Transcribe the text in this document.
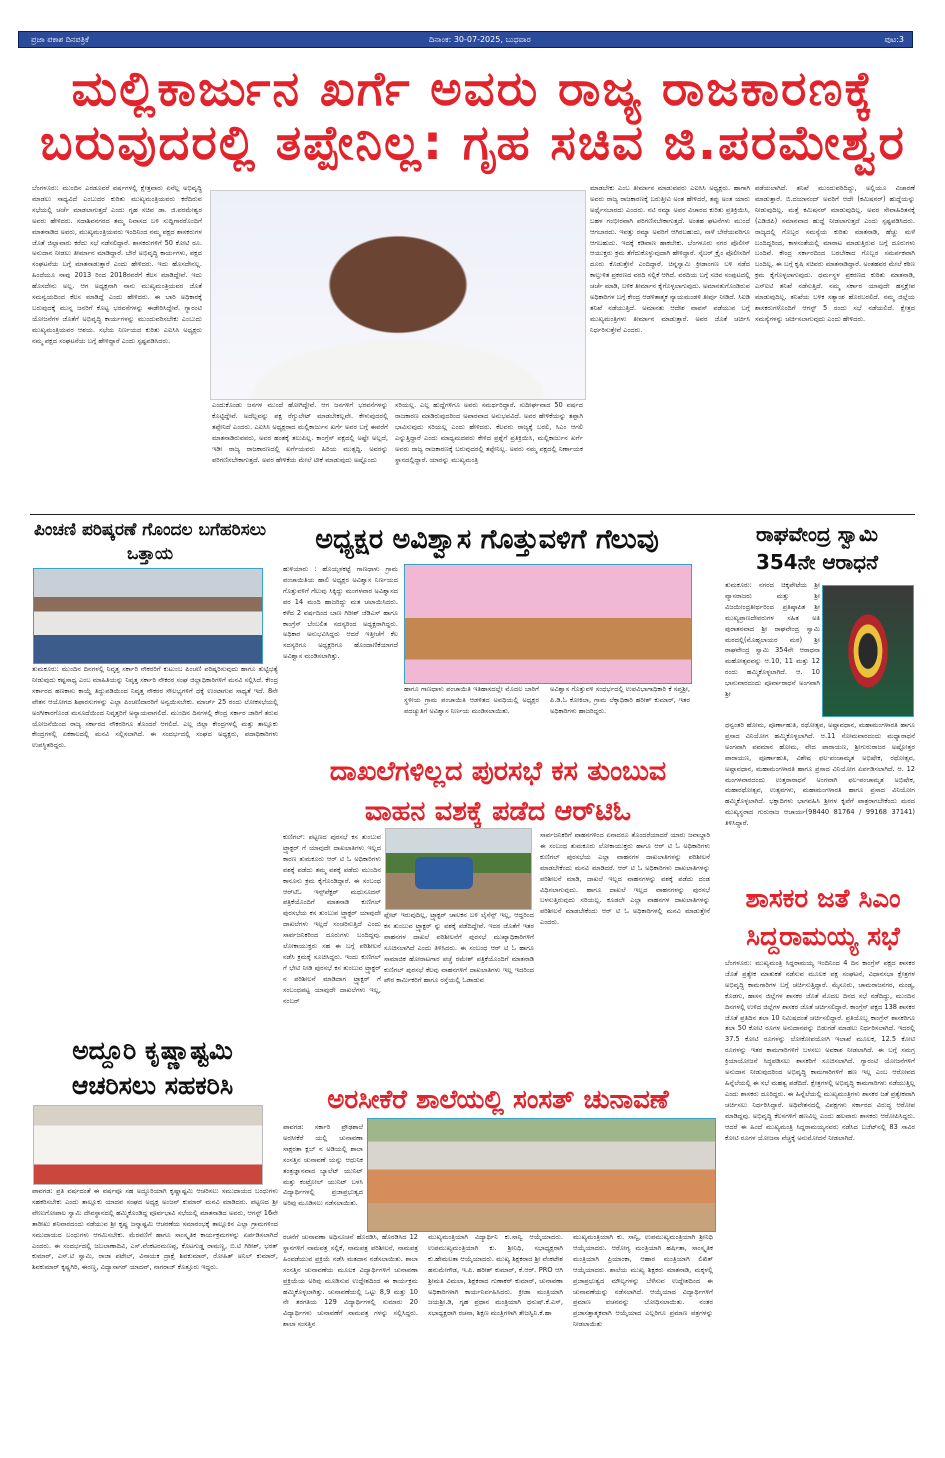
ಪ್ರಜಾ ಪಕಾಶ ದಿನಪತ್ರಿಕೆ	ದಿನಾಂಕ: 30-07-2025, ಬುಧವಾರ	ಪುಟ:3
ಮಲ್ಲಿಕಾರ್ಜುನ ಖರ್ಗೆ ಅವರು ರಾಜ್ಯ ರಾಜಕಾರಣಕ್ಕೆ
ಬರುವುದರಲ್ಲಿ ತಪ್ಪೇನಿಲ್ಲ: ಗೃಹ ಸಚಿವ ಜಿ.ಪರಮೇಶ್ವರ
ಬೆಂಗಳೂರು: ಮುಂದಿನ ಎರಡೂವರೆ ವರ್ಷಗಳಲ್ಲಿ ಕ್ಷೇತ್ರವಾರು ಏನೆಲ್ಲ ಅಭಿವೃದ್ಧಿ ಮಾಡಲು ಸಾಧ್ಯವಿದೆ ಎಂಬುದರ ಕುರಿತು ಮುಖ್ಯಮಂತ್ರಿಯವರು ಕರೆದಿರುವ ಸಭೆಯಲ್ಲಿ ಚರ್ಚೆ ಮಾಡಲಾಗುತ್ತದೆ ಎಂದು ಗೃಹ ಸಚಿವ ಡಾ. ಜಿ.ಪರಮೇಶ್ವರ ಅವರು ಹೇಳಿದರು. ಸದಾಶಿವನಗರದ ತಮ್ಮ ನಿವಾಸದ ಬಳಿ ಸುದ್ದಿಗಾರರೊಂದಿಗೆ ಮಾತನಾಡಿದ ಅವರು, ಮುಖ್ಯಮಂತ್ರಿಯವರು ಇಂದಿನಿಂದ ನಮ್ಮ ಪಕ್ಷದ ಶಾಸಕರುಗಳ ಜೊತೆ ಜಿಲ್ಲಾವಾರು ಕರೆದು ಸಭೆ ನಡೆಸಲಿದ್ದಾರೆ. ಶಾಸಕರುಗಳಿಗೆ 50 ಕೋಟಿ ರೂ. ಅನುದಾನ ನೀಡಲು ತೀರ್ಮಾನ ಮಾಡಿದ್ದಾರೆ. ಬೇರೆ ಅಭಿವೃದ್ಧಿ ಕಾರ್ಯಗಳು, ಪಕ್ಷದ ಸಂಘಟನೆಯ ಬಗ್ಗೆ ಮಾತನಾಡುತ್ತಾರೆ ಎಂದು ಹೇಳಿದರು. ಇದು ಹೊಸದೇನಲ್ಲ. ಹಿಂದೆಯೂ ನಾವು 2013 ರಿಂದ 2018ರವರೆಗೆ ಕೆಲಸ ಮಾಡಿದ್ದೇವೆ. ಇದು ಹೊಸದೇನು ಅಲ್ಲ. ಆಗ ಅಧ್ಯಕ್ಷನಾಗಿ ನಾನು ಮುಖ್ಯಮಂತ್ರಿಯವರ ಜೊತೆ ಸಮನ್ವಯದಿಂದ ಕೆಲಸ ಮಾಡಿದ್ದೆ ಎಂದು ಹೇಳಿದರು. ಈ ಬಾರಿ ಅಧಿಕಾರಕ್ಕೆ ಬರುವುದಕ್ಕೆ ಮುನ್ನ ಜನರಿಗೆ ಕೊಟ್ಟ ಭರವಸೆಗಳನ್ನು ಈಡೇರಿಸಿದ್ದೇವೆ. ಗ್ಯಾರಂಟಿ ಯೋಜನೆಗಳ ಜೊತೆಗೆ ಅಭಿವೃದ್ಧಿ ಕಾರ್ಯಗಳನ್ನು ಮುಂದುವರಿಸಬೇಕು ಎಂಬುದು ಮುಖ್ಯಮಂತ್ರಿಯವರ ಆಶಯ. ಸಭೆಯ ನಿರ್ಣಯದ ಕುರಿತು ಎಐಸಿಸಿ ಅಧ್ಯಕ್ಷರು ನಮ್ಮ ಪಕ್ಷದ ಸಂಘಟನೆಯ ಬಗ್ಗೆ ಹೇಳಿದ್ದಾರೆ ಎಂದು ಸ್ಪಷ್ಟಪಡಿಸಿದರು.
ಎಂದುಕೊಂಡು ಜನಗಳ ಮುಂದೆ ಹೋಗಿದ್ದೇವೆ. ಆಗ ಜನಗಳಿಗೆ ಭರವಸೆಗಳನ್ನು ಕೊಟ್ಟಿದ್ದೇವೆ. ಅದೆಲ್ಲವನ್ನು ಪಕ್ಷ ರೆಗ್ಯುಲೇಟ್ ಮಾಡಬೇಕಲ್ಲವೇ. ಕೇಳುವುದರಲ್ಲಿ ತಪ್ಪೇನಿದೆ ಎಂದರು. ಎಐಸಿಸಿ ಅಧ್ಯಕ್ಷರಾದ ಮಲ್ಲಿಕಾರ್ಜುನ ಖರ್ಗೆ ಅವರ ಬಗ್ಗೆ ಈವರೆಗೆ ಮಾತನಾಡಿರುವವರು, ಅವರ ಹಂತಕ್ಕೆ ತಲುಪಿಲ್ಲ. ಕಾಂಗ್ರೆಸ್ ಪಕ್ಷದಲ್ಲಿ ಅಷ್ಟೇ ಅಲ್ಲದೆ, ಇಡೀ ರಾಜ್ಯ ರಾಜಕಾರಣದಲ್ಲಿ ಖರ್ಗೆಯವರು ಹಿರಿಯ ಮುತ್ಸದ್ದಿ. ಅವರನ್ನು ಪರಿಗಣಿಸಬೇಕಾಗುತ್ತದೆ. ಅವರ ಹೇಳಿಕೆಯ ಮೇಲೆ ಟೀಕೆ ಮಾಡುವುದು ಅಷ್ಟೊಂದು
ಸರಿಯಲ್ಲ. ಎಲ್ಲ ಹುದ್ದೆಗಳಿಗೂ ಅವರು ಸಮರ್ಥರಿದ್ದಾರೆ. ಸುದೀರ್ಘವಾದ 50 ವರ್ಷದ ರಾಜಕಾರಣ ಮಾಡಿರುವುದರಿಂದ ಅಪಾರವಾದ ಅನುಭವವಿದೆ. ಅವರ ಹೇಳಿಕೆಯನ್ನು ತಪ್ಪಾಗಿ ಭಾವಿಸುವುದು ಸರಿಯಲ್ಲ ಎಂದು ಹೇಳಿದರು. ಕೆಲವರು ರಾಜ್ಯಕ್ಕೆ ಬರಲಿ, ಸಿಎಂ ಆಗಲಿ ಎನ್ನುತ್ತಿದ್ದಾರೆ ಎಂದು ಮಾಧ್ಯಮದವರು ಕೇಳಿದ ಪ್ರಶ್ನೆಗೆ ಪ್ರತಿಕ್ರಿಯಿಸಿ, ಮಲ್ಲಿಕಾರ್ಜುನ ಖರ್ಗೆ ಅವರು ರಾಜ್ಯ ರಾಜಕಾರಣಕ್ಕೆ ಬರುವುದರಲ್ಲಿ ತಪ್ಪೇನಿಲ್ಲ. ಅವರು ನಮ್ಮ ಪಕ್ಷದಲ್ಲಿ ನಿರ್ಣಾಯಕ ಸ್ಥಾನದಲ್ಲಿದ್ದಾರೆ. ಯಾರನ್ನು ಮುಖ್ಯಮಂತ್ರಿ
ಮಾಡಬೇಕು ಎಂಬ ತೀರ್ಮಾನ ಮಾಡುವವರು ಎಐಸಿಸಿ ಅಧ್ಯಕ್ಷರು. ಹಾಗಾಗಿ ಅವರು ರಾಜ್ಯ ರಾಜಕಾರಣಕ್ಕೆ ಬರುತ್ತೀವಿ ಅಂತ ಹೇಳಿದರೆ, ತಪ್ಪು ಅಂತ ಯಾರು ಅರ್ಥೈಸಬಾರದು ಎಂದರು. ನಟಿ ರಮ್ಯಾ ಅವರ ವಿಚಾರದ ಕುರಿತು ಪ್ರತಿಕ್ರಿಯಿಸಿ, ಬಹಳ ಗಂಭೀರವಾಗಿ ಪರಿಗಣಿಸಬೇಕಾಗುತ್ತದೆ. ಅಂತಹ ಘಟನೆಗಳು ಮುಂದೆ ಆಗಬಾರದು. ಇವತ್ತು ರಮ್ಯಾ ಅವರಿಗೆ ಆಗಿರಬಹುದು, ನಾಳೆ ಬೇರೆಯವರಿಗೂ ಆಗಬಹುದು. ಇದಕ್ಕೆ ಕಡಿವಾಣ ಹಾಕಬೇಕು. ಬೆಂಗಳೂರು ನಗರ ಪೊಲೀಸ್ ಆಯುಕ್ತರು ಕ್ರಮ ತೆಗೆದುಕೊಳ್ಳುವುದಾಗಿ ಹೇಳಿದ್ದಾರೆ. ಸೈಬರ್ ಕ್ರೈಂ ಪೊಲೀಸರಿಗೆ ದೂರು ಕೊಡುತ್ತೇನೆ ಎಂದಿದ್ದಾರೆ. ಚಿನ್ನಸ್ವಾಮಿ ಕ್ರೀಡಾಂಗಣ ಬಳಿ ನಡೆದ ಕಾಲ್ತುಳಿತ ಪ್ರಕರಣದ ವರದಿ ಸಲ್ಲಿಕೆ ಆಗಿದೆ. ವರದಿಯ ಬಗ್ಗೆ ಸಚಿವ ಸಂಪುಟದಲ್ಲಿ ಚರ್ಚೆ ಮಾಡಿ, ಬಳಿಕ ತೀರ್ಮಾನ ಕೈಗೊಳ್ಳಲಾಗುವುದು. ಅಮಾನತುಗೊಂಡಿರುವ ಅಧಿಕಾರಿಗಳ ಬಗ್ಗೆ ಕೇಂದ್ರ ಆಡಳಿತಾತ್ಮಕ ನ್ಯಾಯಮಂಡಳಿ ತೀರ್ಪು ನೀಡಿದೆ. ಸಿಐಡಿ ತನಿಖೆ ನಡೆಯುತ್ತಿದೆ. ಅಮಾನತು ಆದೇಶ ವಾಪಸ್ ಪಡೆಯುವ ಬಗ್ಗೆ ಮುಖ್ಯಮಂತ್ರಿಗಳು ತೀರ್ಮಾನ ಮಾಡುತ್ತಾರೆ. ಅವರ ಜೊತೆ ಚರ್ಚಿಸಿ ನಿರ್ಧರಿಸುತ್ತೇವೆ ಎಂದರು.
ಪಡೆಯಲಾಗಿದೆ. ತನಿಖೆ ಮುಂದುವರಿದಿದ್ದು, ಅಲ್ಲಿಯೂ ವಿಚಾರಣೆ ಮಾಡುತ್ತಾರೆ. ಬಿ.ದಯಾನಂದ್ ಅವರಿಗೆ ಆದೇ (ಕಮಿಷನರ್) ಹುದ್ದೆಯನ್ನು ನೀಡುವುದಿಲ್ಲ. ಮತ್ತೆ ಕಮಿಷನರ್ ಮಾಡುವುದಿಲ್ಲ. ಅವರ ಸೇವಾಹಿರಿತನಕ್ಕೆ (ಎಡಿಜಿಪಿ) ಸಮಾನವಾದ ಹುದ್ದೆ ನೀಡಲಾಗುತ್ತದೆ ಎಂದು ಸ್ಪಷ್ಟಪಡಿಸಿದರು. ರಾಜ್ಯದಲ್ಲಿ ಗೊಬ್ಬರ ಸಮಸ್ಯೆಯ ಕುರಿತು ಮಾತನಾಡಿ, ಹೆಚ್ಚು ಮಳೆ ಬಂದಿದ್ದರಿಂದ, ಕಾಳಸಂತೆಯಲ್ಲಿ ಮಾರಾಟ ಮಾಡುತ್ತಿರುವ ಬಗ್ಗೆ ದೂರುಗಳು ಬಂದಿವೆ. ಕೇಂದ್ರ ಸರ್ಕಾರದಿಂದ ಬರಬೇಕಾದ ಗೊಬ್ಬರ ಸಮರ್ಪಕವಾಗಿ ಬಂದಿಲ್ಲ. ಈ ಬಗ್ಗೆ ಕೃಷಿ ಸಚಿವರು ಮಾತನಾಡಿದ್ದಾರೆ. ಅಂತಹವರ ಮೇಲೆ ಕಠಿಣ ಕ್ರಮ ಕೈಗೊಳ್ಳಲಾಗುವುದು. ಧರ್ಮಸ್ಥಳ ಪ್ರಕರಣದ ಕುರಿತು ಮಾತನಾಡಿ, ಎಸ್ಐಟಿ ತನಿಖೆ ನಡೆಸುತ್ತಿದೆ. ನಮ್ಮ ಸರ್ಕಾರ ಯಾವುದೇ ಹಸ್ತಕ್ಷೇಪ ಮಾಡುವುದಿಲ್ಲ. ತನಿಖೆಯ ಬಳಿಕ ಸತ್ಯಾಂಶ ಹೊರಬರಲಿದೆ. ನಮ್ಮ ಜಿಲ್ಲೆಯ ಶಾಸಕರುಗಳೊಂದಿಗೆ ಆಗಸ್ಟ್ 5 ರಂದು ಸಭೆ ನಡೆಯಲಿದೆ. ಕ್ಷೇತ್ರದ ಸಮಸ್ಯೆಗಳನ್ನು ಚರ್ಚಿಸಲಾಗುವುದು ಎಂದು ಹೇಳಿದರು.
ಪಿಂಚಣಿ ಪರಿಷ್ಕರಣೆ ಗೊಂದಲ ಬಗೆಹರಿಸಲು ಒತ್ತಾಯ
ತುಮಕೂರು: ಮುಂದಿನ ದಿನಗಳಲ್ಲಿ ನಿವೃತ್ತ ಸರ್ಕಾರಿ ನೌಕರರಿಗೆ ಕುಟುಂಬ ಪಿಂಚಣಿ ಪರಿಷ್ಕರಿಸುವುದು ಹಾಗೂ ತುಟ್ಟಿಭತ್ಯೆ ನೀಡುವುದು ಕಷ್ಟಸಾಧ್ಯ ಎಂಬ ಮಾಹಿತಿಯನ್ನು ನಿವೃತ್ತ ಸರ್ಕಾರಿ ನೌಕರರ ಸಂಘ ಜಿಲ್ಲಾಧಿಕಾರಿಗಳಿಗೆ ಮನವಿ ಸಲ್ಲಿಸಿದೆ. ಕೇಂದ್ರ ಸರ್ಕಾರದ ಹಣಕಾಸು ಕಾಯ್ದೆ ತಿದ್ದುಪಡಿಯಿಂದ ನಿವೃತ್ತ ನೌಕರರ ಸೌಲಭ್ಯಗಳಿಗೆ ಧಕ್ಕೆ ಉಂಟಾಗುವ ಸಾಧ್ಯತೆ ಇದೆ. 8ನೇ ವೇತನ ಆಯೋಗದ ಶಿಫಾರಸುಗಳನ್ನು ಎಲ್ಲಾ ಪಿಂಚಣಿದಾರರಿಗೆ ಅನ್ವಯಿಸಬೇಕು. ಮಾರ್ಚ್ 25 ರಂದು ಲೋಕಸಭೆಯಲ್ಲಿ ಅಂಗೀಕಾರಗೊಂಡ ಮಸೂದೆಯಿಂದ ನಿವೃತ್ತರಿಗೆ ಅನ್ಯಾಯವಾಗಲಿದೆ. ಮುಂದಿನ ದಿನಗಳಲ್ಲಿ ಕೇಂದ್ರ ಸರ್ಕಾರ ಜಾರಿಗೆ ತರುವ ಯೋಜನೆಯಿಂದ ರಾಜ್ಯ ಸರ್ಕಾರದ ನೌಕರರಿಗೂ ತೊಂದರೆ ಆಗಲಿದೆ. ಎಲ್ಲ ಜಿಲ್ಲಾ ಕೇಂದ್ರಗಳಲ್ಲಿ ಮತ್ತು ತಾಲ್ಲೂಕು ಕೇಂದ್ರಗಳಲ್ಲಿ ಏಕಕಾಲದಲ್ಲಿ ಮನವಿ ಸಲ್ಲಿಸಲಾಗಿದೆ. ಈ ಸಂದರ್ಭದಲ್ಲಿ ಸಂಘದ ಅಧ್ಯಕ್ಷರು, ಪದಾಧಿಕಾರಿಗಳು ಉಪಸ್ಥಿತರಿದ್ದರು.
ಅಧ್ಯಕ್ಷರ ಅವಿಶ್ವಾಸ ಗೊತ್ತುವಳಿಗೆ ಗೆಲುವು
ಹುಳಿಯಾರು : ಹೊಯ್ಸಳಕಟ್ಟೆ ಗಾಣಧಾಳು ಗ್ರಾಮ ಪಂಚಾಯಿತಿಯ ಹಾಲಿ ಅಧ್ಯಕ್ಷರ ಅವಿಶ್ವಾಸ ನಿರ್ಣಯದ ಗೊತ್ತುವಳಿಗೆ ಗೆಲುವು ಸಿಕ್ಕಿದ್ದು ಮಂಗಳವಾರ ಅವಿಶ್ವಾಸದ ಪರ 14 ಮಂದಿ ಹಾಜರಿದ್ದು ಮತ ಚಲಾಯಿಸಿದರು. ಕಳೆದ 2 ವರ್ಷದಿಂದ ಬಾಣ ಗಿರೀಶ್ ಜೆಡಿಎಸ್ ಹಾಗೂ ಕಾಂಗ್ರೆಸ್ ಬೆಂಬಲಿತ ಸದಸ್ಯರಿಂದ ಅಧ್ಯಕ್ಷರಾಗಿದ್ದರು. ಅಧಿಕಾರ ಅನುಭವಿಸಿದ್ದರು ಆದರೆ ಇತ್ತೀಚೆಗೆ ಕೆಲ ಸದಸ್ಯರಿಗೂ ಅಧ್ಯಕ್ಷರಿಗೂ ಹೊಂದಾಣಿಕೆಯಾಗದೆ ಅವಿಶ್ವಾಸ ಮಂಡಿಸಲಾಗಿತ್ತು.
ಹಾಗೂ ಗಾಣಧಾಳು ಪಂಚಾಯಿತಿ ಇತಿಹಾಸದಲ್ಲೇ ಮೊದಲ ಬಾರಿಗೆ ಸ್ಥಳೀಯ ಗ್ರಾಮ ಪಂಚಾಯಿತಿ ಆಡಳಿತದ ಅವಧಿಯಲ್ಲಿ ಅಧ್ಯಕ್ಷರ ಪದಚ್ಯುತಿಗೆ ಅವಿಶ್ವಾಸ ನಿರ್ಣಯ ಮಂಡಿಸಲಾಯಿತು.
ಅವಿಶ್ವಾಸ ಗೊತ್ತುವಳಿ ಸಂಧರ್ಭದಲ್ಲಿ ಉಪವಿಭಾಗಾಧಿಕಾರಿ ಕೆ ಸಪ್ತಶ್ರೀ, ಪಿ.ಡಿ.ಓ ಕೋಕಿಲಾ, ಗ್ರಾಮ ಲೆಕ್ಕಾಧಿಕಾರಿ ಹರೀಶ್ ಕುಮಾರ್, ಇತರ ಅಧಿಕಾರಿಗಳು ಹಾಜರಿದ್ದರು.
ರಾಘವೇಂದ್ರ ಸ್ವಾಮಿ
354ನೇ ಆರಾಧನೆ
ತುಮಕೂರು: ನಗರದ ಚಿಕ್ಕಪೇಟೆಯ ಶ್ರೀ ವ್ಯಾಸರಾಜರು ಮತ್ತು ಶ್ರೀ ವಿಜಯೀಂದ್ರತೀರ್ಥರಿಂದ ಪ್ರತಿಷ್ಠಾಪಿತ ಶ್ರೀ ಮುಖ್ಯಪ್ರಾಣದೇವರುಗಳ ಸಹಿತ ಅತಿ ಪುರಾತನವಾದ ಶ್ರೀ ರಾಘವೇಂದ್ರ ಸ್ವಾಮಿ ಮಠದಲ್ಲಿ(ಮೊಹ್ಸಲಾಯರ ಮಠ) ಶ್ರೀ ರಾಘವೇಂದ್ರ ಸ್ವಾಮಿ 354ನೇ ಆರಾಧನಾ ಮಹೋತ್ಸವವನ್ನು ಆ.10, 11 ಮತ್ತು 12 ರಂದು ಹಮ್ಮಿಕೊಳ್ಳಲಾಗಿದೆ. ಆ. 10 ಭಾನುವಾರದಂದು ಪೂರ್ವಾರಾಧನೆ ಅಂಗವಾಗಿ ಶ್ರೀ
ಧನ್ವಂತರಿ ಹೋಮ, ಪೂರ್ಣಾಹುತಿ, ರಥೋತ್ಸವ, ಅಷ್ಟಾವಧಾನ, ಮಹಾಮಂಗಳಾರತಿ ಹಾಗೂ ಪ್ರಸಾದ ವಿನಿಯೋಗ ಹಮ್ಮಿಕೊಳ್ಳಲಾಗಿದೆ. ಆ.11 ಸೋಮವಾರದಂದು ಮಧ್ಯಾರಾಧನೆ ಅಂಗವಾಗಿ ಪವಮಾನ ಹೋಮ, ವೇದ ಪಾರಾಯಣ, ಶ್ರೀಗುರುರಾಜರ ಅಷ್ಟೋತ್ತರ ಪಾರಾಯಣ, ಪೂರ್ಣಾಹುತಿ, ವಿಶೇಷ ಫಲ-ಪಂಚಾಮೃತ ಅಭಿಷೇಕ, ರಥೋತ್ಸವ, ಅಷ್ಟಾವಧಾನ, ಮಹಾಮಂಗಳಾರತಿ ಹಾಗೂ ಪ್ರಸಾದ ವಿನಿಯೋಗ ಏರ್ಪಡಿಸಲಾಗಿದೆ. ಆ. 12 ಮಂಗಳವಾರದಂದು ಉತ್ತರಾರಾಧನೆ ಅಂಗವಾಗಿ ಫಲ-ಪಂಚಾಮೃತ ಅಭಿಷೇಕ, ಮಹಾರಥೋತ್ಸವ, ಉತ್ಸವಗಳು, ಮಹಾಮಂಗಳಾರತಿ ಹಾಗೂ ಪ್ರಸಾದ ವಿನಿಯೋಗ ಹಮ್ಮಿಕೊಳ್ಳಲಾಗಿದೆ. ಭಕ್ತಾದಿಗಳು ಭಾಗವಹಿಸಿ ಶ್ರೀಗಳ ಕೃಪೆಗೆ ಪಾತ್ರರಾಗಬೇಕೆಂದು ಮಠದ ಮುಖ್ಯಸ್ಥರಾದ ಗುರುರಾಜ ಆಚಾರ್ಯ(98440 81764 / 99168 37141) ತಿಳಿಸಿದ್ದಾರೆ.
ದಾಖಲೆಗಳಿಲ್ಲದ ಪುರಸಭೆ ಕಸ ತುಂಬುವ
ವಾಹನ ವಶಕ್ಕೆ ಪಡೆದ ಆರ್‌ಟಿಓ
ಕುಣಿಗಲ್: ಪಟ್ಟಣದ ಪುರಸಭೆ ಕಸ ತುಂಬುವ ಟ್ರ್ಯಾಕ್ಟರ್ ಗೆ ಯಾವುದೇ ದಾಖಲಾತಿಗಳು ಇಲ್ಲದ ಕಾರಣ ತುಮಕೂರು ಆರ್ ಟಿ ಓ ಅಧಿಕಾರಿಗಳು ವಶಕ್ಕೆ ಪಡೆದು ತಮ್ಮ ವಶಕ್ಕೆ ಪಡೆದು ಮುಂದಿನ ಕಾನೂನು ಕ್ರಮ ಕೈಗೊಂಡಿದ್ದಾರೆ. ಈ ಸಂಬಂಧ ಆರ್‌ಟಿಓ ಇನ್ಸ್‌ಪೆಕ್ಟರ್ ಮಧುಸೂದನ್ ಪತ್ರಿಕೆಯೊಂದಿಗೆ ಮಾತನಾಡಿ ಕುಣಿಗಲ್ ಪುರಸಭೆಯ ಕಸ ತುಂಬುವ ಟ್ರ್ಯಾಕ್ಟರ್ ಯಾವುದೇ ದಾಖಲೆಗಳು ಇಲ್ಲದೆ ಸಂಚರಿಸುತ್ತಿದೆ ಎಂದು ಸಾರ್ವಜನಿಕರಿಂದ ದೂರುಗಳು ಬಂದಿದ್ದವು. ಲೋಕಾಯುಕ್ತರು ಸಹ ಈ ಬಗ್ಗೆ ಪರಿಶೀಲನೆ ನಡೆಸಿ ಕ್ರಮಕ್ಕೆ ಸೂಚಿಸಿದ್ದರು. ಇಂದು ಕುಣಿಗಲ್ ಗೆ ಭೇಟಿ ನೀಡಿ ಪುರಸಭೆ ಕಸ ತುಂಬುವ ಟ್ರ್ಯಾಕ್ಟರ್ ನ ಪರಿಶೀಲನೆ ಮಾಡಿದಾಗ ಟ್ರ್ಯಾಕ್ಟರ್ ಗೆ ಸಂಬಂಧಪಟ್ಟ ಯಾವುದೇ ದಾಖಲೆಗಳು ಇಲ್ಲ, ನಂಬರ್
ಪ್ಲೇಟ್ ಇರುವುದಿಲ್ಲ, ಟ್ರ್ಯಾಕ್ಟರ್ ಚಾಲಕನ ಬಳಿ ಲೈಸೆನ್ಸ್ ಇಲ್ಲ, ಆದ್ದರಿಂದ ಕಸ ತುಂಬುವ ಟ್ರ್ಯಾಕ್ಟರ್ ನ್ನು ವಶಕ್ಕೆ ಪಡೆದಿದ್ದೇವೆ. ಇದರ ಜೊತೆಗೆ ಇತರ ವಾಹನಗಳ ದಾಖಲೆ ಪರಿಶೀಲನೆಗೆ ಪುರಸಭೆ ಮುಖ್ಯಾಧಿಕಾರಿಗಳಿಗೆ ಸೂಚಿಸಲಾಗಿದೆ ಎಂದು ತಿಳಿಸಿದರು. ಈ ಸಂಬಂಧ ಆರ್ ಟಿ ಓ ಹಾಗೂ ಸಾಮಾಜಿಕ ಹೋರಾಟಗಾರ ಪಚ್ಚೆ ರಮೇಶ್ ಪತ್ರಿಕೆಯೊಂದಿಗೆ ಮಾತನಾಡಿ ಕುಣಿಗಲ್ ಪುರಸಭೆ ಕೆಲವು ವಾಹನಗಳಿಗೆ ದಾಖಲಾತಿಗಳು ಇಲ್ಲ ಇದರಿಂದ ಪೌರ ಕಾರ್ಮಿಕರಿಗೆ ಹಾಗೂ ರಸ್ತೆಯಲ್ಲಿ ಓಡಾಡುವ
ಸಾರ್ವಜನಿಕರಿಗೆ ವಾಹನಗಳಿಂದ ಏನಾದರೂ ತೊಂದರೆಯಾದರೆ ಯಾರು ಜವಾಬ್ದಾರಿ ಈ ಸಂಬಂಧ ತುಮಕೂರು ಲೋಕಾಯುಕ್ತರು ಹಾಗೂ ಆರ್ ಟಿ ಓ ಅಧಿಕಾರಿಗಳು ಕುಣಿಗಲ್ ಪುರಸಭೆಯ ಎಲ್ಲಾ ವಾಹನಗಳ ದಾಖಲಾತಿಗಳನ್ನು ಪರಿಶೀಲನೆ ಮಾಡಬೇಕೆಂದು ಮನವಿ ಮಾಡಿದರೆ. ಆರ್ ಟಿ ಓ ಅಧಿಕಾರಿಗಳು ದಾಖಲಾತಿಗಳನ್ನು ಪರಿಶೀಲನೆ ಮಾಡಿ, ದಾಖಲೆ ಇಲ್ಲದ ವಾಹನಗಳನ್ನು ವಶಕ್ಕೆ ಪಡೆದು ದಂಡ ವಿಧಿಸಲಾಗುವುದು. ಹಾಗೂ ದಾಖಲೆ ಇಲ್ಲದ ವಾಹನಗಳನ್ನು ಪುರಸಭೆ ಬಳಸುತ್ತಿರುವುದು ಸರಿಯಲ್ಲ. ಕೂಡಲೇ ಎಲ್ಲಾ ವಾಹನಗಳ ದಾಖಲಾತಿಗಳನ್ನು ಪರಿಶೀಲನೆ ಮಾಡಬೇಕೆಂದು ಆರ್ ಟಿ ಓ ಅಧಿಕಾರಿಗಳಲ್ಲಿ ಮನವಿ ಮಾಡುತ್ತೇನೆ ಎಂದರು.
ಶಾಸಕರ ಜತೆ ಸಿಎಂ
ಸಿದ್ದರಾಮಯ್ಯ ಸಭೆ
ಬೆಂಗಳೂರು: ಮುಖ್ಯಮಂತ್ರಿ ಸಿದ್ದರಾಮಯ್ಯ ಇಂದಿನಿಂದ 4 ದಿನ ಕಾಂಗ್ರೆಸ್ ಪಕ್ಷದ ಶಾಸಕರ ಜೊತೆ ಪ್ರತ್ಯೇಕ ಮಾತುಕತೆ ನಡೆಸುವ ಮೂಲಕ ಪಕ್ಷ ಸಂಘಟನೆ, ವಿಧಾನಸಭಾ ಕ್ಷೇತ್ರಗಳ ಅಭಿವೃದ್ಧಿ ಕಾಮಗಾರಿಗಳ ಬಗ್ಗೆ ಚರ್ಚಿಸುತ್ತಿದ್ದಾರೆ. ಮೈಸೂರು, ಚಾಮರಾಜನಗರ, ಮಂಡ್ಯ, ಕೊಡಗು, ಹಾಸನ ಜಿಲ್ಲೆಗಳ ಶಾಸಕರ ಜೊತೆ ಮೊದಲ ದಿನದ ಸಭೆ ನಡೆದಿದ್ದು, ಮುಂದಿನ ದಿನಗಳಲ್ಲಿ ಉಳಿದ ಜಿಲ್ಲೆಗಳ ಶಾಸಕರ ಜೊತೆ ಚರ್ಚಿಸಲಿದ್ದಾರೆ. ಕಾಂಗ್ರೆಸ್ ಪಕ್ಷದ 138 ಶಾಸಕರ ಜೊತೆ ಪ್ರತಿದಿನ ತಲಾ 10 ನಿಮಿಷದಂತೆ ಚರ್ಚಿಸಲಿದ್ದಾರೆ. ಪ್ರತಿಯೊಬ್ಬ ಕಾಂಗ್ರೆಸ್ ಶಾಸಕರಿಗೂ ತಲಾ 50 ಕೋಟಿ ರೂಗಳ ಅನುದಾನವನ್ನು ಬಿಡುಗಡೆ ಮಾಡಲು ನಿರ್ಧರಿಸಲಾಗಿದೆ. ಇದರಲ್ಲಿ 37.5 ಕೋಟಿ ರೂಗಳನ್ನು ಲೋಕೋಪಯೋಗಿ ಇಲಾಖೆ ಮೂಲಕ, 12.5 ಕೋಟಿ ರೂಗಳನ್ನು ಇತರ ಕಾಮಗಾರಿಗಳಿಗೆ ಬಳಸಲು ಅವಕಾಶ ನೀಡಲಾಗಿದೆ. ಈ ಬಗ್ಗೆ ಸಮಗ್ರ ಕ್ರಿಯಾಯೋಜನೆ ಸಿದ್ಧಪಡಿಸಲು ಶಾಸಕರಿಗೆ ಸೂಚಿಸಲಾಗಿದೆ. ಗ್ಯಾರಂಟಿ ಯೋಜನೆಗಳಿಗೆ ಅನುದಾನ ನೀಡುವುದರಿಂದ ಅಭಿವೃದ್ಧಿ ಕಾಮಗಾರಿಗಳಿಗೆ ಹಣ ಇಲ್ಲ ಎಂಬ ಆರೋಪದ ಹಿನ್ನೆಲೆಯಲ್ಲಿ ಈ ಸಭೆ ಮಹತ್ವ ಪಡೆದಿದೆ. ಕ್ಷೇತ್ರಗಳಲ್ಲಿ ಅಭಿವೃದ್ಧಿ ಕಾಮಗಾರಿಗಳು ನಡೆಯುತ್ತಿಲ್ಲ ಎಂದು ಶಾಸಕರು ದೂರಿದ್ದರು. ಈ ಹಿನ್ನೆಲೆಯಲ್ಲಿ ಮುಖ್ಯಮಂತ್ರಿಗಳು ಶಾಸಕರ ಜತೆ ಪ್ರತ್ಯೇಕವಾಗಿ ಚರ್ಚಿಸಲು ನಿರ್ಧರಿಸಿದ್ದಾರೆ. ಅಧಿವೇಶನದಲ್ಲಿ ವಿಪಕ್ಷಗಳು ಸರ್ಕಾರದ ವಿರುದ್ಧ ಆರೋಪ ಮಾಡಿದ್ದವು. ಅಭಿವೃದ್ಧಿ ಕೆಲಸಗಳಿಗೆ ಹಣವಿಲ್ಲ ಎಂದು ಹಲವಾರು ಶಾಸಕರು ಆರೋಪಿಸಿದ್ದರು. ಆದರೆ ಈ ಹಿಂದೆ ಮುಖ್ಯಮಂತ್ರಿ ಸಿದ್ದರಾಮಯ್ಯನವರು ನಡೆಸಿದ ಬಜೆಟ್‌ನಲ್ಲಿ 83 ಸಾವಿರ ಕೋಟಿ ರೂಗಳ ಯೋಜನಾ ವೆಚ್ಚಕ್ಕೆ ಅನುಮೋದನೆ ನೀಡಲಾಗಿದೆ.
ಅದ್ದೂರಿ ಕೃಷ್ಣಾಷ್ಟಮಿ
ಆಚರಿಸಲು ಸಹಕರಿಸಿ
ಪಾವಗಡ: ಪ್ರತಿ ವರ್ಷದಂತೆ ಈ ವರ್ಷವೂ ಸಹ ಅದ್ದೂರಿಯಾಗಿ ಕೃಷ್ಣಾಷ್ಟಮಿ ಆಚರಿಸಲು ಸಮುದಾಯದ ಬಂಧುಗಳು ಸಹಕರಿಸಬೇಕು ಎಂದು ತಾಲ್ಲೂಕು ಯಾದವ ಸಂಘದ ಅಧ್ಯಕ್ಷ ಅಂಜನ್ ಕುಮಾರ್ ಮನವಿ ಮಾಡಿದರು. ಪಟ್ಟಣದ ಶ್ರೀ ವೇಣುಗೋಪಾಲ ಸ್ವಾಮಿ ದೇವಸ್ಥಾನದಲ್ಲಿ ಹಮ್ಮಿಕೊಂಡಿದ್ದ ಪೂರ್ವಭಾವಿ ಸಭೆಯಲ್ಲಿ ಮಾತನಾಡಿದ ಅವರು, ಆಗಸ್ಟ್ 16ನೇ ತಾರೀಖು ಶನಿವಾರದಂದು ನಡೆಯುವ ಶ್ರೀ ಕೃಷ್ಣ ಜನ್ಮಾಷ್ಟಮಿ ಆಚರಣೆಯ ಸಮಾರಂಭಕ್ಕೆ ತಾಲ್ಲೂಕಿನ ಎಲ್ಲಾ ಗ್ರಾಮಗಳಿಂದ ಸಮುದಾಯದ ಬಂಧುಗಳು ಆಗಮಿಸಬೇಕು. ಮೆರವಣಿಗೆ ಹಾಗೂ ಸಾಂಸ್ಕೃತಿಕ ಕಾರ್ಯಕ್ರಮಗಳನ್ನು ಏರ್ಪಡಿಸಲಾಗಿದೆ ಎಂದರು. ಈ ಸಂದರ್ಭದಲ್ಲಿ ಜಬಲಾಣಾದಿವಿ, ಎಸ್.ವೆಂಕಟರಮಣಪ್ಪ, ಕೊಟಗುಡ್ಡ ರಾಮಣ್ಣ, ಬಿ.ಟಿ ಗಿರೀಶ್, ಭರತ್ ಕುಮಾರ್, ಎಸ್.ಟಿ ಸ್ವಾಮಿ, ರಾಜಾ ಪಟೇಲ್, ವಿನಾಯಕ ದ್ರಾಕ್ಷೆ ಶಿವಕುಮಾರ್, ರೋಹಿತ್ ಅನಿಲ್ ಕುಮಾರ್, ಶಿವಕುಮಾರ್ ಕೃಷ್ಣಗಿರಿ, ಈರಣ್ಣ, ವಿದ್ಯಾಸಾಗರ್ ಯಾದವ್, ನಾಗರಾಜ್ ಕೊತ್ತೂರು ಇದ್ದರು.
ಅರಸೀಕೆರೆ ಶಾಲೆಯಲ್ಲಿ ಸಂಸತ್ ಚುನಾವಣೆ
ಪಾವಗಡ: ಸರ್ಕಾರಿ ಪ್ರೌಢಶಾಲೆ ಅರಸೀಕೆರೆ ಯಲ್ಲಿ ಚುನಾವಣಾ ಸಾಕ್ಷರತಾ ಕ್ಲಬ್ ನ ಅಡಿಯಲ್ಲಿ ಶಾಲಾ ಸಂಸತ್ತಿನ ಚುನಾವಣೆ ಯನ್ನು ಆಧುನಿಕ ತಂತ್ರಜ್ಞಾನವಾದ ಬ್ಯಾಲೆಟ್ ಯುನಿಟ್ ಮತ್ತು ಕಂಟ್ರೋಲ್ ಯುನಿಟ್ ಬಳಸಿ ವಿದ್ಯಾರ್ಥಿಗಳಲ್ಲಿ ಪ್ರಜಾಪ್ರಭುತ್ವದ ಅರಿವು ಮೂಡಿಸಲು ನಡೆಸಲಾಯಿತು.
ರಚನೆಗೆ ಚುನಾವಣಾ ಅಧಿಸೂಚನೆ ಹೊರಡಿಸಿ, ಹೊರಡಿಸಿದ 12 ಸ್ಥಾನಗಳಿಗೆ ನಾಮಪತ್ರ ಸಲ್ಲಿಕೆ, ನಾಮಪತ್ರ ಪರಿಶೀಲನೆ, ನಾಮಪತ್ರ ಹಿಂಪಡೆಯುವ ಪ್ರಕ್ರಿಯೆ ನಡೆಸಿ ಮತದಾನ ನಡೆಸಲಾಯಿತು. ಶಾಲಾ ಸಂಸತ್ತಿನ ಚುನಾವಣೆಯ ಮೂಲಕ ವಿದ್ಯಾರ್ಥಿಗಳಿಗೆ ಚುನಾವಣಾ ಪ್ರಕ್ರಿಯೆಯ ಅರಿವು ಮೂಡಿಸುವ ಉದ್ದೇಶದಿಂದ ಈ ಕಾರ್ಯಕ್ರಮ ಹಮ್ಮಿಕೊಳ್ಳಲಾಗಿತ್ತು. ಚುನಾವಣೆಯಲ್ಲಿ ಒಟ್ಟು 8,9 ಮತ್ತು 10 ನೇ ತರಗತಿಯ 129 ವಿದ್ಯಾರ್ಥಿಗಳಲ್ಲಿ ಸುಮಾರು 20 ವಿದ್ಯಾರ್ಥಿಗಳು ಚುನಾವಣೆಗೆ ನಾಮಪತ್ರ ಗಳನ್ನು ಸಲ್ಲಿಸಿದ್ದರು. ಶಾಲಾ ಸಂಸತ್ತಿನ
ಮುಖ್ಯಮಂತ್ರಿಯಾಗಿ ವಿದ್ಯಾರ್ಥಿನಿ ಕು.ಸಾನ್ವಿ ಆಯ್ಕೆಯಾದರು. ಉಪಮುಖ್ಯಮಂತ್ರಿಯಾಗಿ ಕು. ಶ್ರೀನಿಧಿ, ಸಭಾಧ್ಯಕ್ಷರಾಗಿ ಕು.ಹೇಮಲತಾ ಆಯ್ಕೆಯಾದರು. ಮುಖ್ಯ ಶಿಕ್ಷಕರಾದ ಶ್ರೀ ವೆಂಕಟೇಶ ಹನುಮೇಗೌಡ, ಇ.ಪಿ. ಹರೀಶ್ ಕುಮಾರ್, ಕೆ.ಆರ್. PRO ಆಗಿ ಶ್ರೀಮತಿ ವಿಮಲಾ, ಶಿಕ್ಷಕರಾದ ಗುಣಾಕರ್ ಕುಮಾರ್, ಚುನಾವಣಾ ಅಧಿಕಾರಿಗಳಾಗಿ ಕಾರ್ಯನಿರ್ವಹಿಸಿದರು. ಕ್ರೀಡಾ ಮಂತ್ರಿಯಾಗಿ ಜಯಶ್ರೀ.ಡಿ, ಗೃಹ ಪ್ರಧಾನ ಮಂತ್ರಿಯಾಗಿ ಧನುಷ್.ಕೆ.ಎಸ್, ಸಭಾಧ್ಯಕ್ಷರಾಗಿ ರಚನಾ, ಶಿಕ್ಷಣ ಮಂತ್ರಿಗಳಾಗಿ ತೇಜಸ್ವಿನಿ.ಕೆ.ಹಾ
ಮುಖ್ಯಮಂತ್ರಿಯಾಗಿ ಕು. ಸಾನ್ವಿ, ಉಪಮುಖ್ಯಮಂತ್ರಿಯಾಗಿ ಶ್ರೀನಿಧಿ ಆಯ್ಕೆಯಾದರು. ಆರೋಗ್ಯ ಮಂತ್ರಿಯಾಗಿ ಹರ್ಷಿತಾ, ಸಾಂಸ್ಕೃತಿಕ ಮಂತ್ರಿಯಾಗಿ ಪ್ರಿಯಾಂಕಾ, ಆಹಾರ ಮಂತ್ರಿಯಾಗಿ ಲಿಖಿತ್ ಆಯ್ಕೆಯಾದರು. ಶಾಲೆಯ ಮುಖ್ಯ ಶಿಕ್ಷಕರು ಮಾತನಾಡಿ, ಮಕ್ಕಳಲ್ಲಿ ಪ್ರಜಾಪ್ರಭುತ್ವದ ಮೌಲ್ಯಗಳನ್ನು ಬೆಳೆಸುವ ಉದ್ದೇಶದಿಂದ ಈ ಚುನಾವಣೆಯನ್ನು ನಡೆಸಲಾಗಿದೆ. ಆಯ್ಕೆಯಾದ ವಿದ್ಯಾರ್ಥಿಗಳಿಗೆ ಪ್ರಮಾಣ ವಚನವನ್ನು ಬೋಧಿಸಲಾಯಿತು. ನಂತರ ಪ್ರಜಾಸತ್ತಾತ್ಮಕವಾಗಿ ಆಯ್ಕೆಯಾದ ಎಲ್ಲರಿಗೂ ಪ್ರಮಾಣ ಪತ್ರಗಳನ್ನು ನೀಡಲಾಯಿತು
